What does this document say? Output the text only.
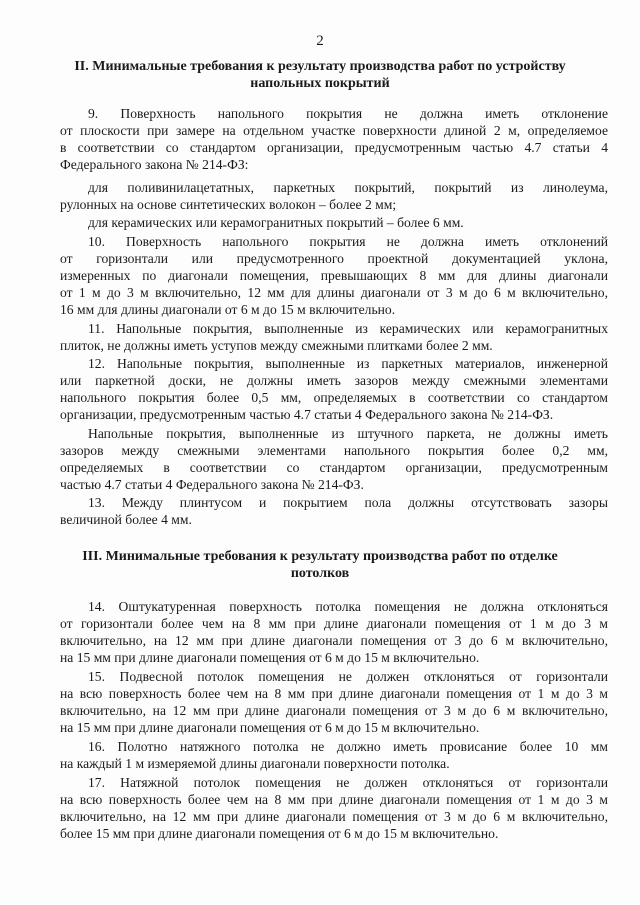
2
II. Минимальные требования к результату производства работ по устройству
напольных покрытий
9. Поверхность напольного покрытия не должна иметь отклонение
от плоскости при замере на отдельном участке поверхности длиной 2 м, определяемое
в соответствии со стандартом организации, предусмотренным частью 4.7 статьи 4
Федерального закона № 214-ФЗ:
для поливинилацетатных, паркетных покрытий, покрытий из линолеума,
рулонных на основе синтетических волокон – более 2 мм;
для керамических или керамогранитных покрытий – более 6 мм.
10. Поверхность напольного покрытия не должна иметь отклонений
от горизонтали или предусмотренного проектной документацией уклона,
измеренных по диагонали помещения, превышающих 8 мм для длины диагонали
от 1 м до 3 м включительно, 12 мм для длины диагонали от 3 м до 6 м включительно,
16 мм для длины диагонали от 6 м до 15 м включительно.
11. Напольные покрытия, выполненные из керамических или керамогранитных
плиток, не должны иметь уступов между смежными плитками более 2 мм.
12. Напольные покрытия, выполненные из паркетных материалов, инженерной
или паркетной доски, не должны иметь зазоров между смежными элементами
напольного покрытия более 0,5 мм, определяемых в соответствии со стандартом
организации, предусмотренным частью 4.7 статьи 4 Федерального закона № 214-ФЗ.
Напольные покрытия, выполненные из штучного паркета, не должны иметь
зазоров между смежными элементами напольного покрытия более 0,2 мм,
определяемых в соответствии со стандартом организации, предусмотренным
частью 4.7 статьи 4 Федерального закона № 214-ФЗ.
13. Между плинтусом и покрытием пола должны отсутствовать зазоры
величиной более 4 мм.
III. Минимальные требования к результату производства работ по отделке
потолков
14. Оштукатуренная поверхность потолка помещения не должна отклоняться
от горизонтали более чем на 8 мм при длине диагонали помещения от 1 м до 3 м
включительно, на 12 мм при длине диагонали помещения от 3 до 6 м включительно,
на 15 мм при длине диагонали помещения от 6 м до 15 м включительно.
15. Подвесной потолок помещения не должен отклоняться от горизонтали
на всю поверхность более чем на 8 мм при длине диагонали помещения от 1 м до 3 м
включительно, на 12 мм при длине диагонали помещения от 3 м до 6 м включительно,
на 15 мм при длине диагонали помещения от 6 м до 15 м включительно.
16. Полотно натяжного потолка не должно иметь провисание более 10 мм
на каждый 1 м измеряемой длины диагонали поверхности потолка.
17. Натяжной потолок помещения не должен отклоняться от горизонтали
на всю поверхность более чем на 8 мм при длине диагонали помещения от 1 м до 3 м
включительно, на 12 мм при длине диагонали помещения от 3 м до 6 м включительно,
более 15 мм при длине диагонали помещения от 6 м до 15 м включительно.
